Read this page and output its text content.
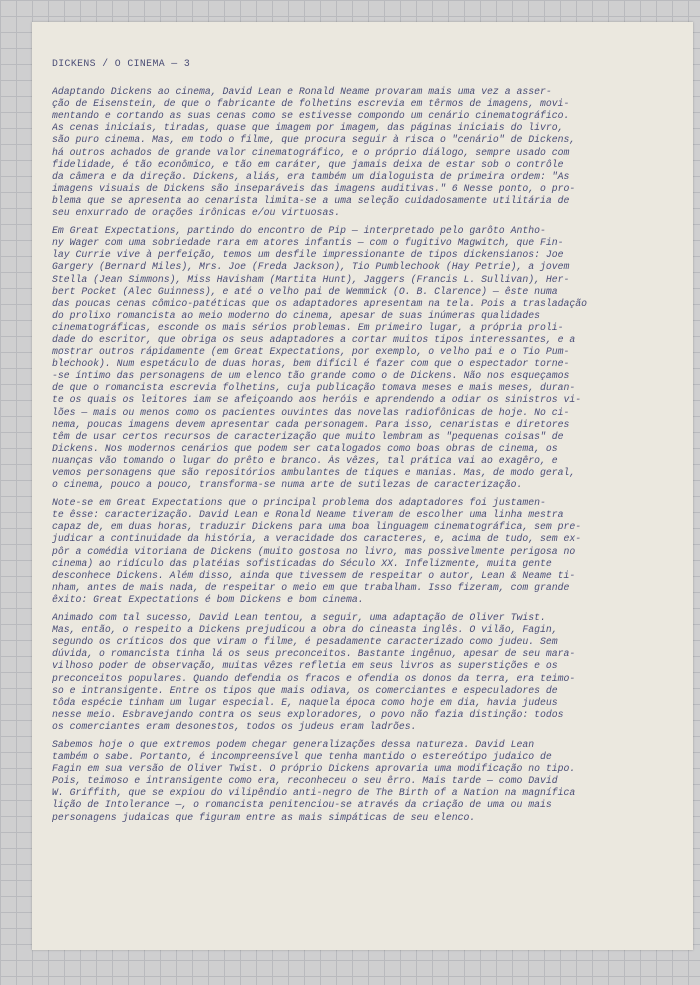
DICKENS / O CINEMA — 3
Adaptando Dickens ao cinema, David Lean e Ronald Neame provaram mais uma vez a asser-
ção de Eisenstein, de que o fabricante de folhetins escrevia em têrmos de imagens, movi-
mentando e cortando as suas cenas como se estivesse compondo um cenário cinematográfico.
As cenas iniciais, tiradas, quase que imagem por imagem, das páginas iniciais do livro,
são puro cinema. Mas, em todo o filme, que procura seguir à risca o "cenário" de Dickens,
há outros achados de grande valor cinematográfico, e o próprio diálogo, sempre usado com
fidelidade, é tão econômico, e tão em caráter, que jamais deixa de estar sob o contrôle
da câmera e da direção. Dickens, aliás, era também um dialoguista de primeira ordem: "As
imagens visuais de Dickens são inseparáveis das imagens auditivas." 6 Nesse ponto, o pro-
blema que se apresenta ao cenarista limita-se a uma seleção cuidadosamente utilitária de
seu enxurrado de orações irônicas e/ou virtuosas.
Em Great Expectations, partindo do encontro de Pip — interpretado pelo garôto Antho-
ny Wager com uma sobriedade rara em atores infantis — com o fugitivo Magwitch, que Fin-
lay Currie vive à perfeição, temos um desfile impressionante de tipos dickensianos: Joe
Gargery (Bernard Miles), Mrs. Joe (Freda Jackson), Tio Pumblechook (Hay Petrie), a jovem
Stella (Jean Simmons), Miss Havisham (Martita Hunt), Jaggers (Francis L. Sullivan), Her-
bert Pocket (Alec Guinness), e até o velho pai de Wemmick (O. B. Clarence) — êste numa
das poucas cenas cômico-patéticas que os adaptadores apresentam na tela. Pois a trasladação
do prolixo romancista ao meio moderno do cinema, apesar de suas inúmeras qualidades
cinematográficas, esconde os mais sérios problemas. Em primeiro lugar, a própria proli-
dade do escritor, que obriga os seus adaptadores a cortar muitos tipos interessantes, e a
mostrar outros rápidamente (em Great Expectations, por exemplo, o velho pai e o Tio Pum-
blechook). Num espetáculo de duas horas, bem difícil é fazer com que o espectador torne-
-se íntimo das personagens de um elenco tão grande como o de Dickens. Não nos esqueçamos
de que o romancista escrevia folhetins, cuja publicação tomava meses e mais meses, duran-
te os quais os leitores iam se afeiçoando aos heróis e aprendendo a odiar os sinistros vi-
lões — mais ou menos como os pacientes ouvintes das novelas radiofônicas de hoje. No ci-
nema, poucas imagens devem apresentar cada personagem. Para isso, cenaristas e diretores
têm de usar certos recursos de caracterização que muito lembram as "pequenas coisas" de
Dickens. Nos modernos cenários que podem ser catalogados como boas obras de cinema, os
nuanças vão tomando o lugar do prêto e branco. Às vêzes, tal prática vai ao exagêro, e
vemos personagens que são repositórios ambulantes de tiques e manias. Mas, de modo geral,
o cinema, pouco a pouco, transforma-se numa arte de sutilezas de caracterização.
Note-se em Great Expectations que o principal problema dos adaptadores foi justamen-
te êsse: caracterização. David Lean e Ronald Neame tiveram de escolher uma linha mestra
capaz de, em duas horas, traduzir Dickens para uma boa linguagem cinematográfica, sem pre-
judicar a continuidade da história, a veracidade dos caracteres, e, acima de tudo, sem ex-
pôr a comédia vitoriana de Dickens (muito gostosa no livro, mas possìvelmente perigosa no
cinema) ao ridículo das platéias sofisticadas do Século XX. Infelizmente, muita gente
desconhece Dickens. Além disso, ainda que tivessem de respeitar o autor, Lean & Neame ti-
nham, antes de mais nada, de respeitar o meio em que trabalham. Isso fizeram, com grande
êxito: Great Expectations é bom Dickens e bom cinema.
Animado com tal sucesso, David Lean tentou, a seguir, uma adaptação de Oliver Twist.
Mas, então, o respeito a Dickens prejudicou a obra do cineasta inglês. O vilão, Fagin,
segundo os críticos dos que viram o filme, é pesadamente caracterizado como judeu. Sem
dúvida, o romancista tinha lá os seus preconceitos. Bastante ingênuo, apesar de seu mara-
vilhoso poder de observação, muitas vêzes refletia em seus livros as superstições e os
preconceitos populares. Quando defendia os fracos e ofendia os donos da terra, era teimo-
so e intransigente. Entre os tipos que mais odiava, os comerciantes e especuladores de
tôda espécie tinham um lugar especial. E, naquela época como hoje em dia, havia judeus
nesse meio. Esbravejando contra os seus exploradores, o povo não fazia distinção: todos
os comerciantes eram desonestos, todos os judeus eram ladrões.
Sabemos hoje o que extremos podem chegar generalizações dessa natureza. David Lean
também o sabe. Portanto, é incompreensível que tenha mantido o estereótipo judaico de
Fagin em sua versão de Oliver Twist. O próprio Dickens aprovaria uma modificação no tipo.
Pois, teimoso e intransigente como era, reconheceu o seu êrro. Mais tarde — como David
W. Griffith, que se expiou do vilipêndio anti-negro de The Birth of a Nation na magnífica
lição de Intolerance —, o romancista penitenciou-se através da criação de uma ou mais
personagens judaicas que figuram entre as mais simpáticas de seu elenco.
